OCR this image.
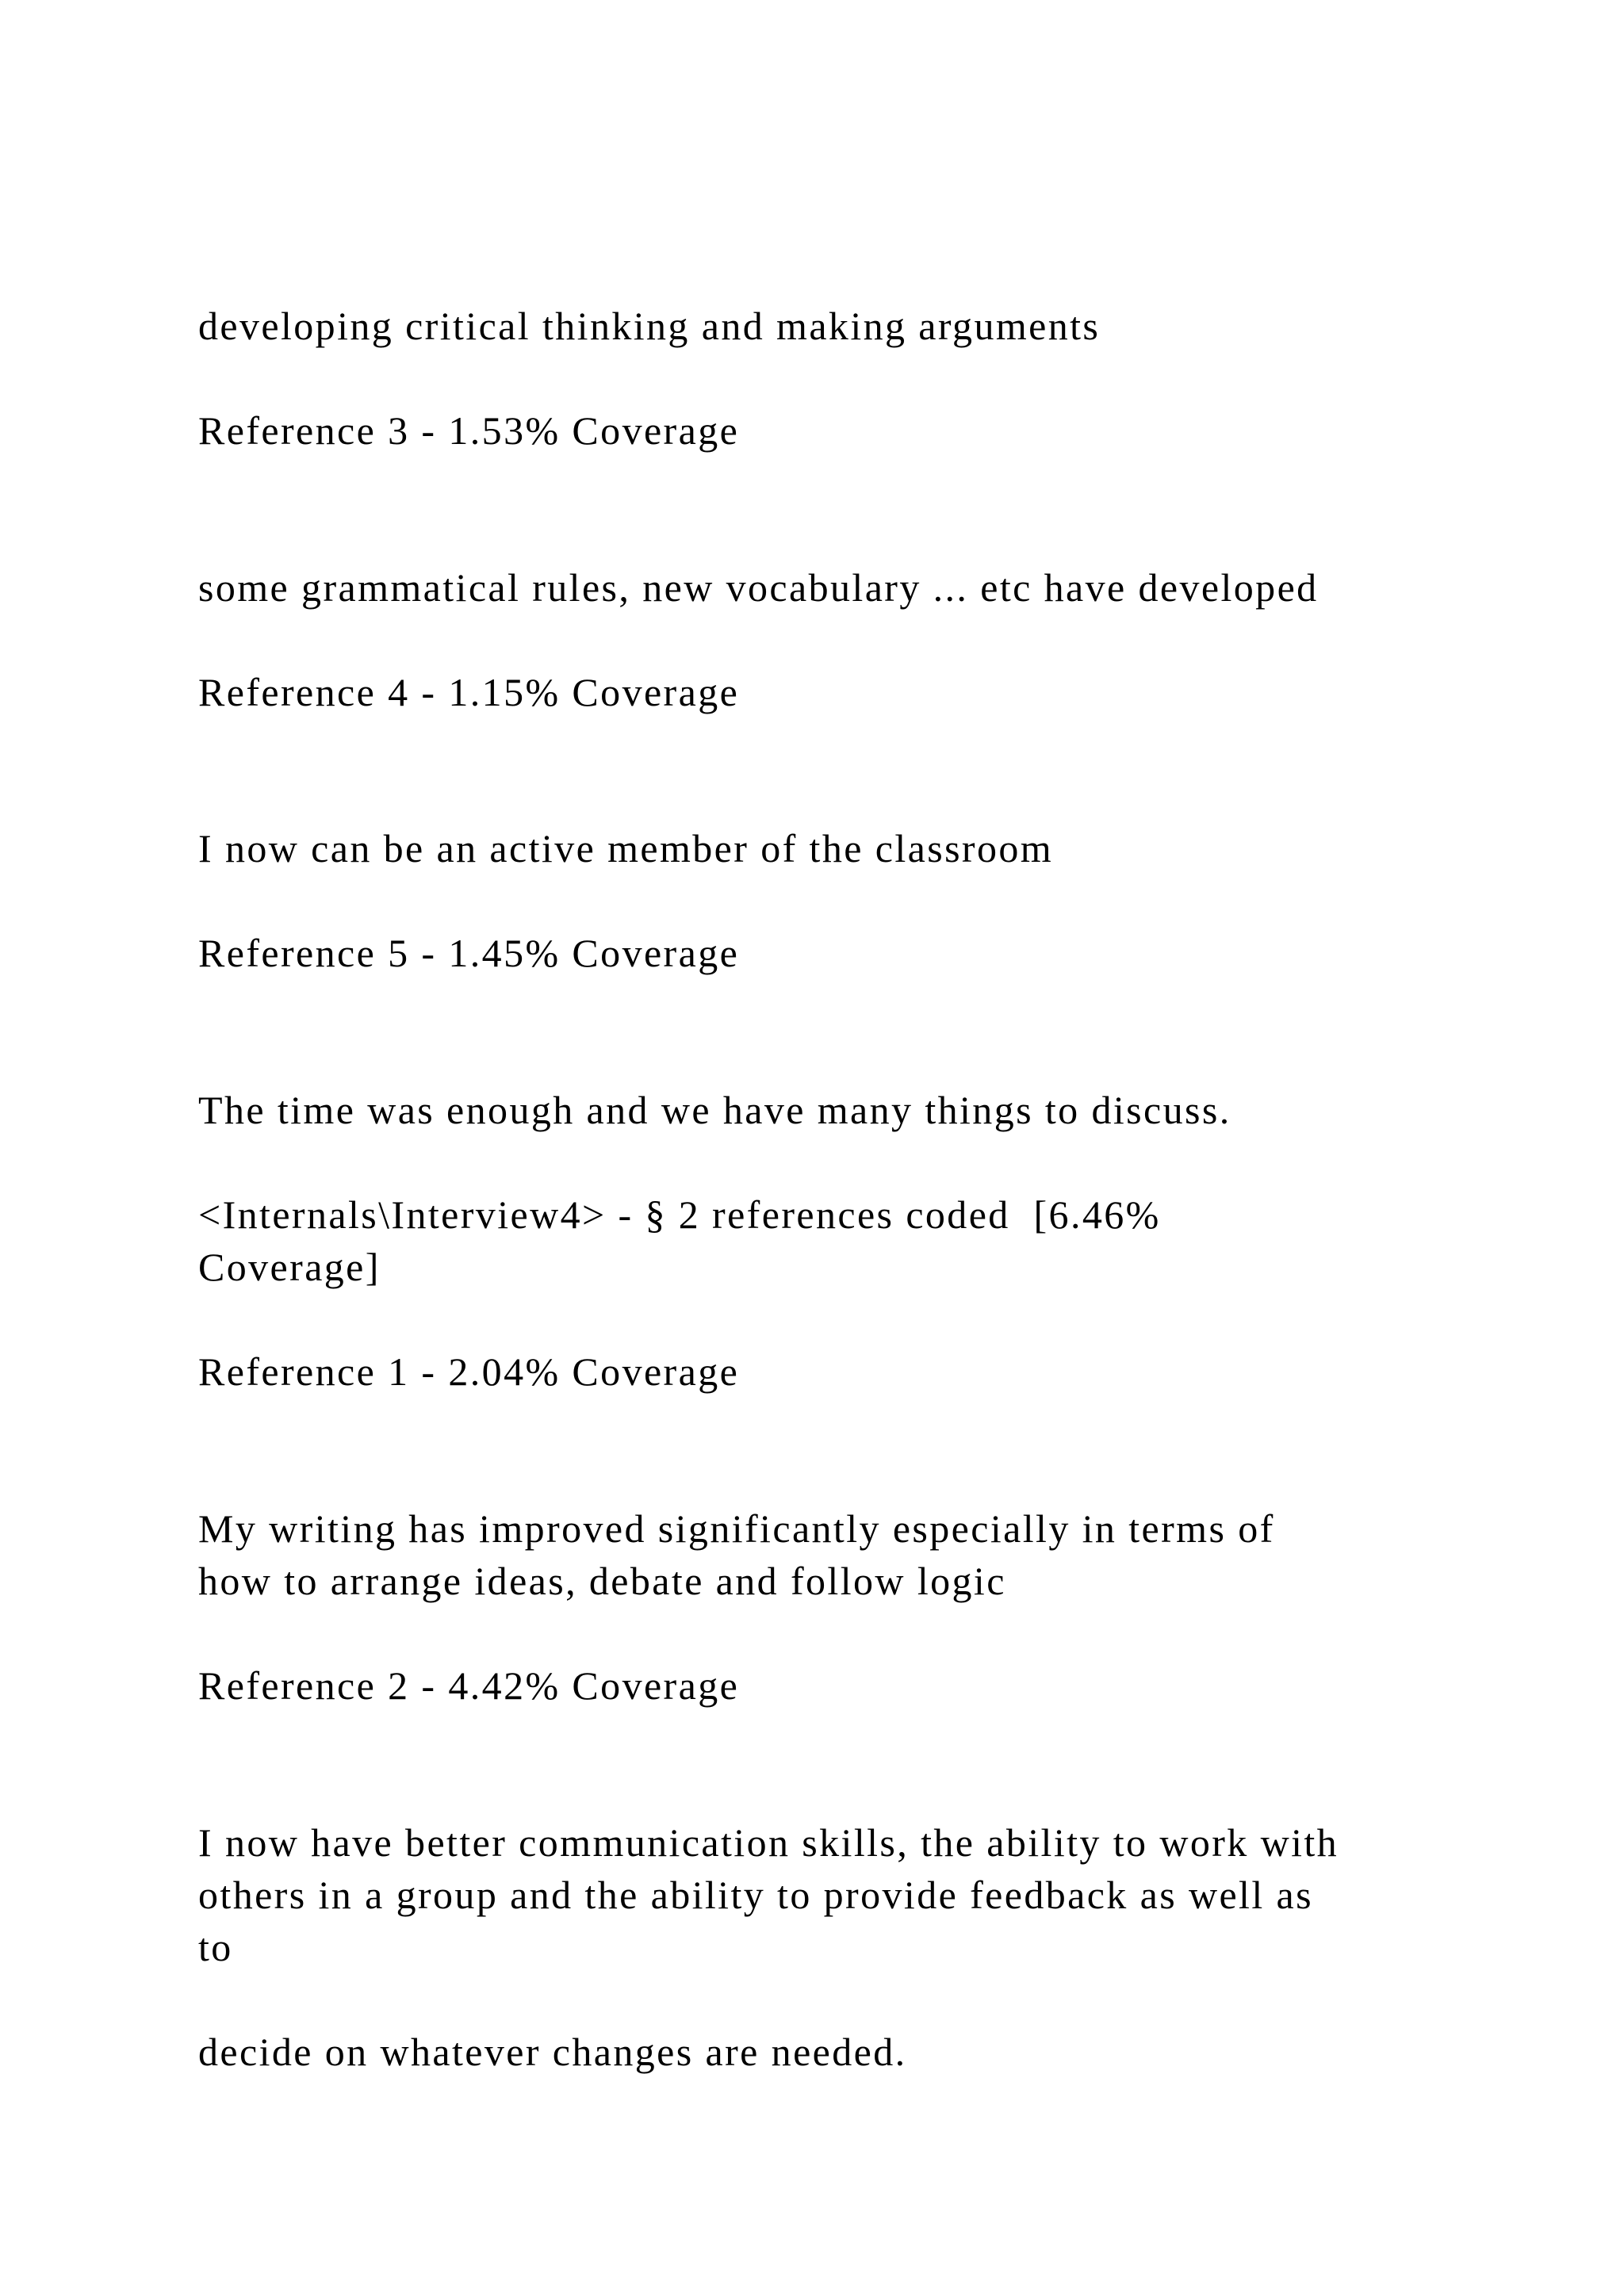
developing critical thinking and making arguments

Reference 3 - 1.53% Coverage

some grammatical rules, new vocabulary ... etc have developed

Reference 4 - 1.15% Coverage

I now can be an active member of the classroom

Reference 5 - 1.45% Coverage

The time was enough and we have many things to discuss.

<Internals\Interview4> - § 2 references coded  [6.46%

Coverage]

Reference 1 - 2.04% Coverage

My writing has improved significantly especially in terms of

how to arrange ideas, debate and follow logic

Reference 2 - 4.42% Coverage

I now have better communication skills, the ability to work with

others in a group and the ability to provide feedback as well as

to

decide on whatever changes are needed.
